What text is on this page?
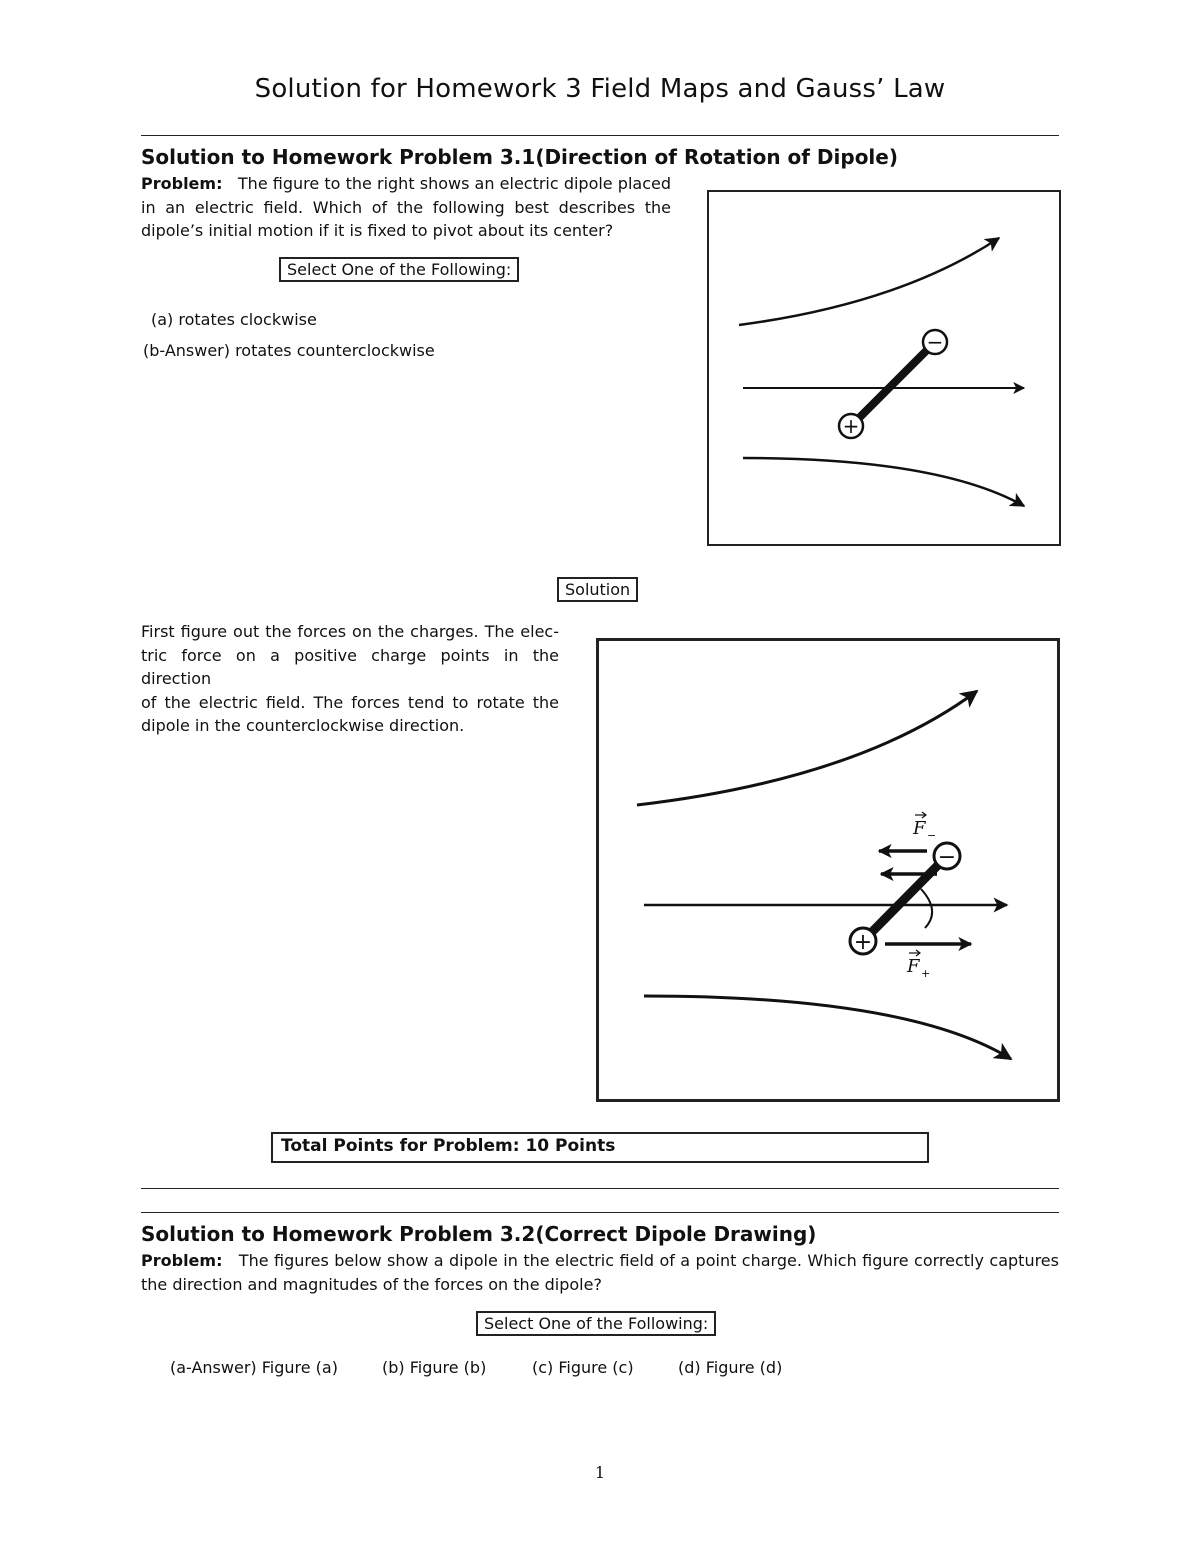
Solution for Homework 3 Field Maps and Gauss’ Law
Solution to Homework Problem 3.1(Direction of Rotation of Dipole)
Problem: The figure to the right shows an electric dipole placed
in an electric field. Which of the following best describes the
dipole’s initial motion if it is fixed to pivot about its center?
Select One of the Following:
(a) rotates clockwise
(b-Answer) rotates counterclockwise
+
−
Solution
First figure out the forces on the charges. The elec-
tric force on a positive charge points in the direction
of the electric field. The forces tend to rotate the
dipole in the counterclockwise direction.
+
−
F −
F +
Total Points for Problem: 10 Points
Solution to Homework Problem 3.2(Correct Dipole Drawing)
Problem: The figures below show a dipole in the electric field of a point charge. Which figure correctly captures
the direction and magnitudes of the forces on the dipole?
Select One of the Following:
(a-Answer) Figure (a)	(b) Figure (b)	(c) Figure (c)	(d) Figure (d)
1
